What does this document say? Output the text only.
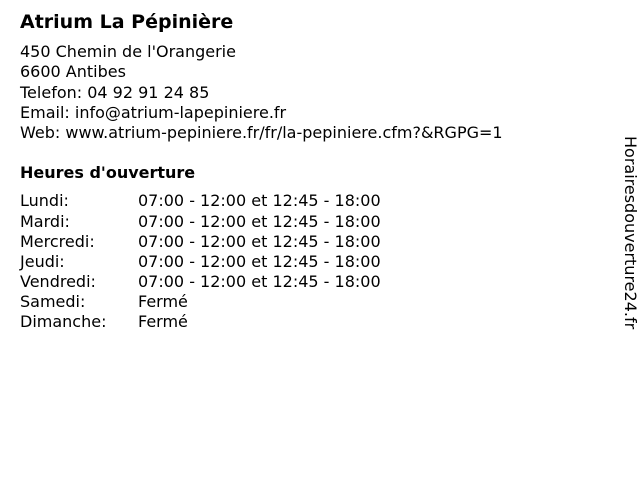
Atrium La Pépinière
450 Chemin de l'Orangerie
6600 Antibes
Telefon: 04 92 91 24 85
Email: info@atrium-lapepiniere.fr
Web: www.atrium-pepiniere.fr/fr/la-pepiniere.cfm?&RGPG=1
Heures d'ouverture
Lundi:	07:00 - 12:00 et 12:45 - 18:00
Mardi:	07:00 - 12:00 et 12:45 - 18:00
Mercredi:	07:00 - 12:00 et 12:45 - 18:00
Jeudi:	07:00 - 12:00 et 12:45 - 18:00
Vendredi:	07:00 - 12:00 et 12:45 - 18:00
Samedi:	Fermé
Dimanche:	Fermé	Horairesdouverture24.fr
